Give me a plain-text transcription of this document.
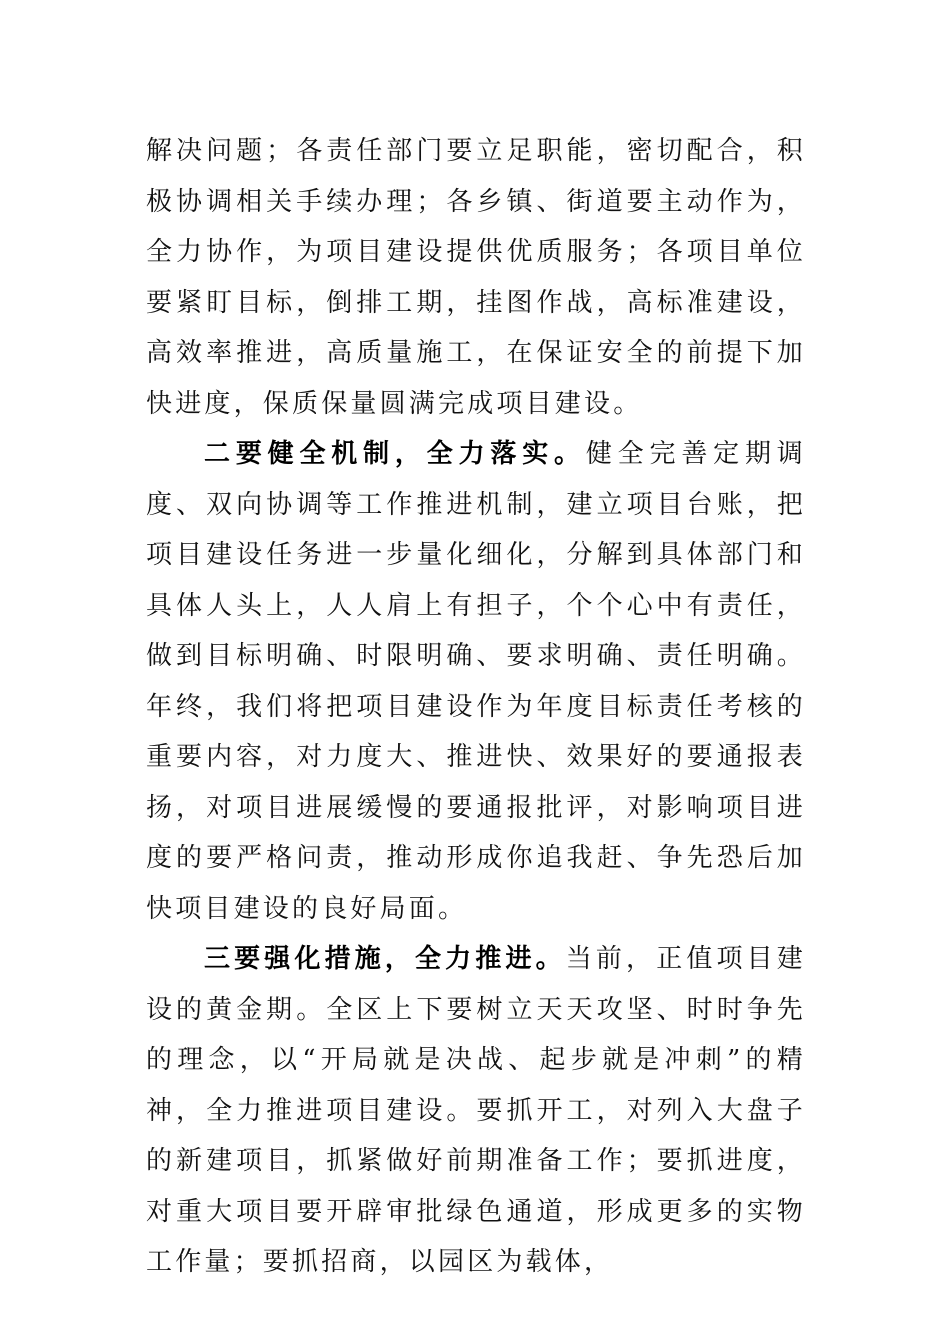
解决问题；各责任部门要立足职能，密切配合，积极协调相关手续办理；各乡镇、街道要主动作为，全力协作，为项目建设提供优质服务；各项目单位要紧盯目标，倒排工期，挂图作战，高标准建设，高效率推进，高质量施工，在保证安全的前提下加快进度，保质保量圆满完成项目建设。

二要健全机制，全力落实。健全完善定期调度、双向协调等工作推进机制，建立项目台账，把项目建设任务进一步量化细化，分解到具体部门和具体人头上，人人肩上有担子，个个心中有责任，做到目标明确、时限明确、要求明确、责任明确。年终，我们将把项目建设作为年度目标责任考核的重要内容，对力度大、推进快、效果好的要通报表扬，对项目进展缓慢的要通报批评，对影响项目进度的要严格问责，推动形成你追我赶、争先恐后加快项目建设的良好局面。

三要强化措施，全力推进。当前，正值项目建设的黄金期。全区上下要树立天天攻坚、时时争先的理念，以“开局就是决战、起步就是冲刺”的精神，全力推进项目建设。要抓开工，对列入大盘子的新建项目，抓紧做好前期准备工作；要抓进度，对重大项目要开辟审批绿色通道，形成更多的实物工作量；要抓招商，以园区为载体，
